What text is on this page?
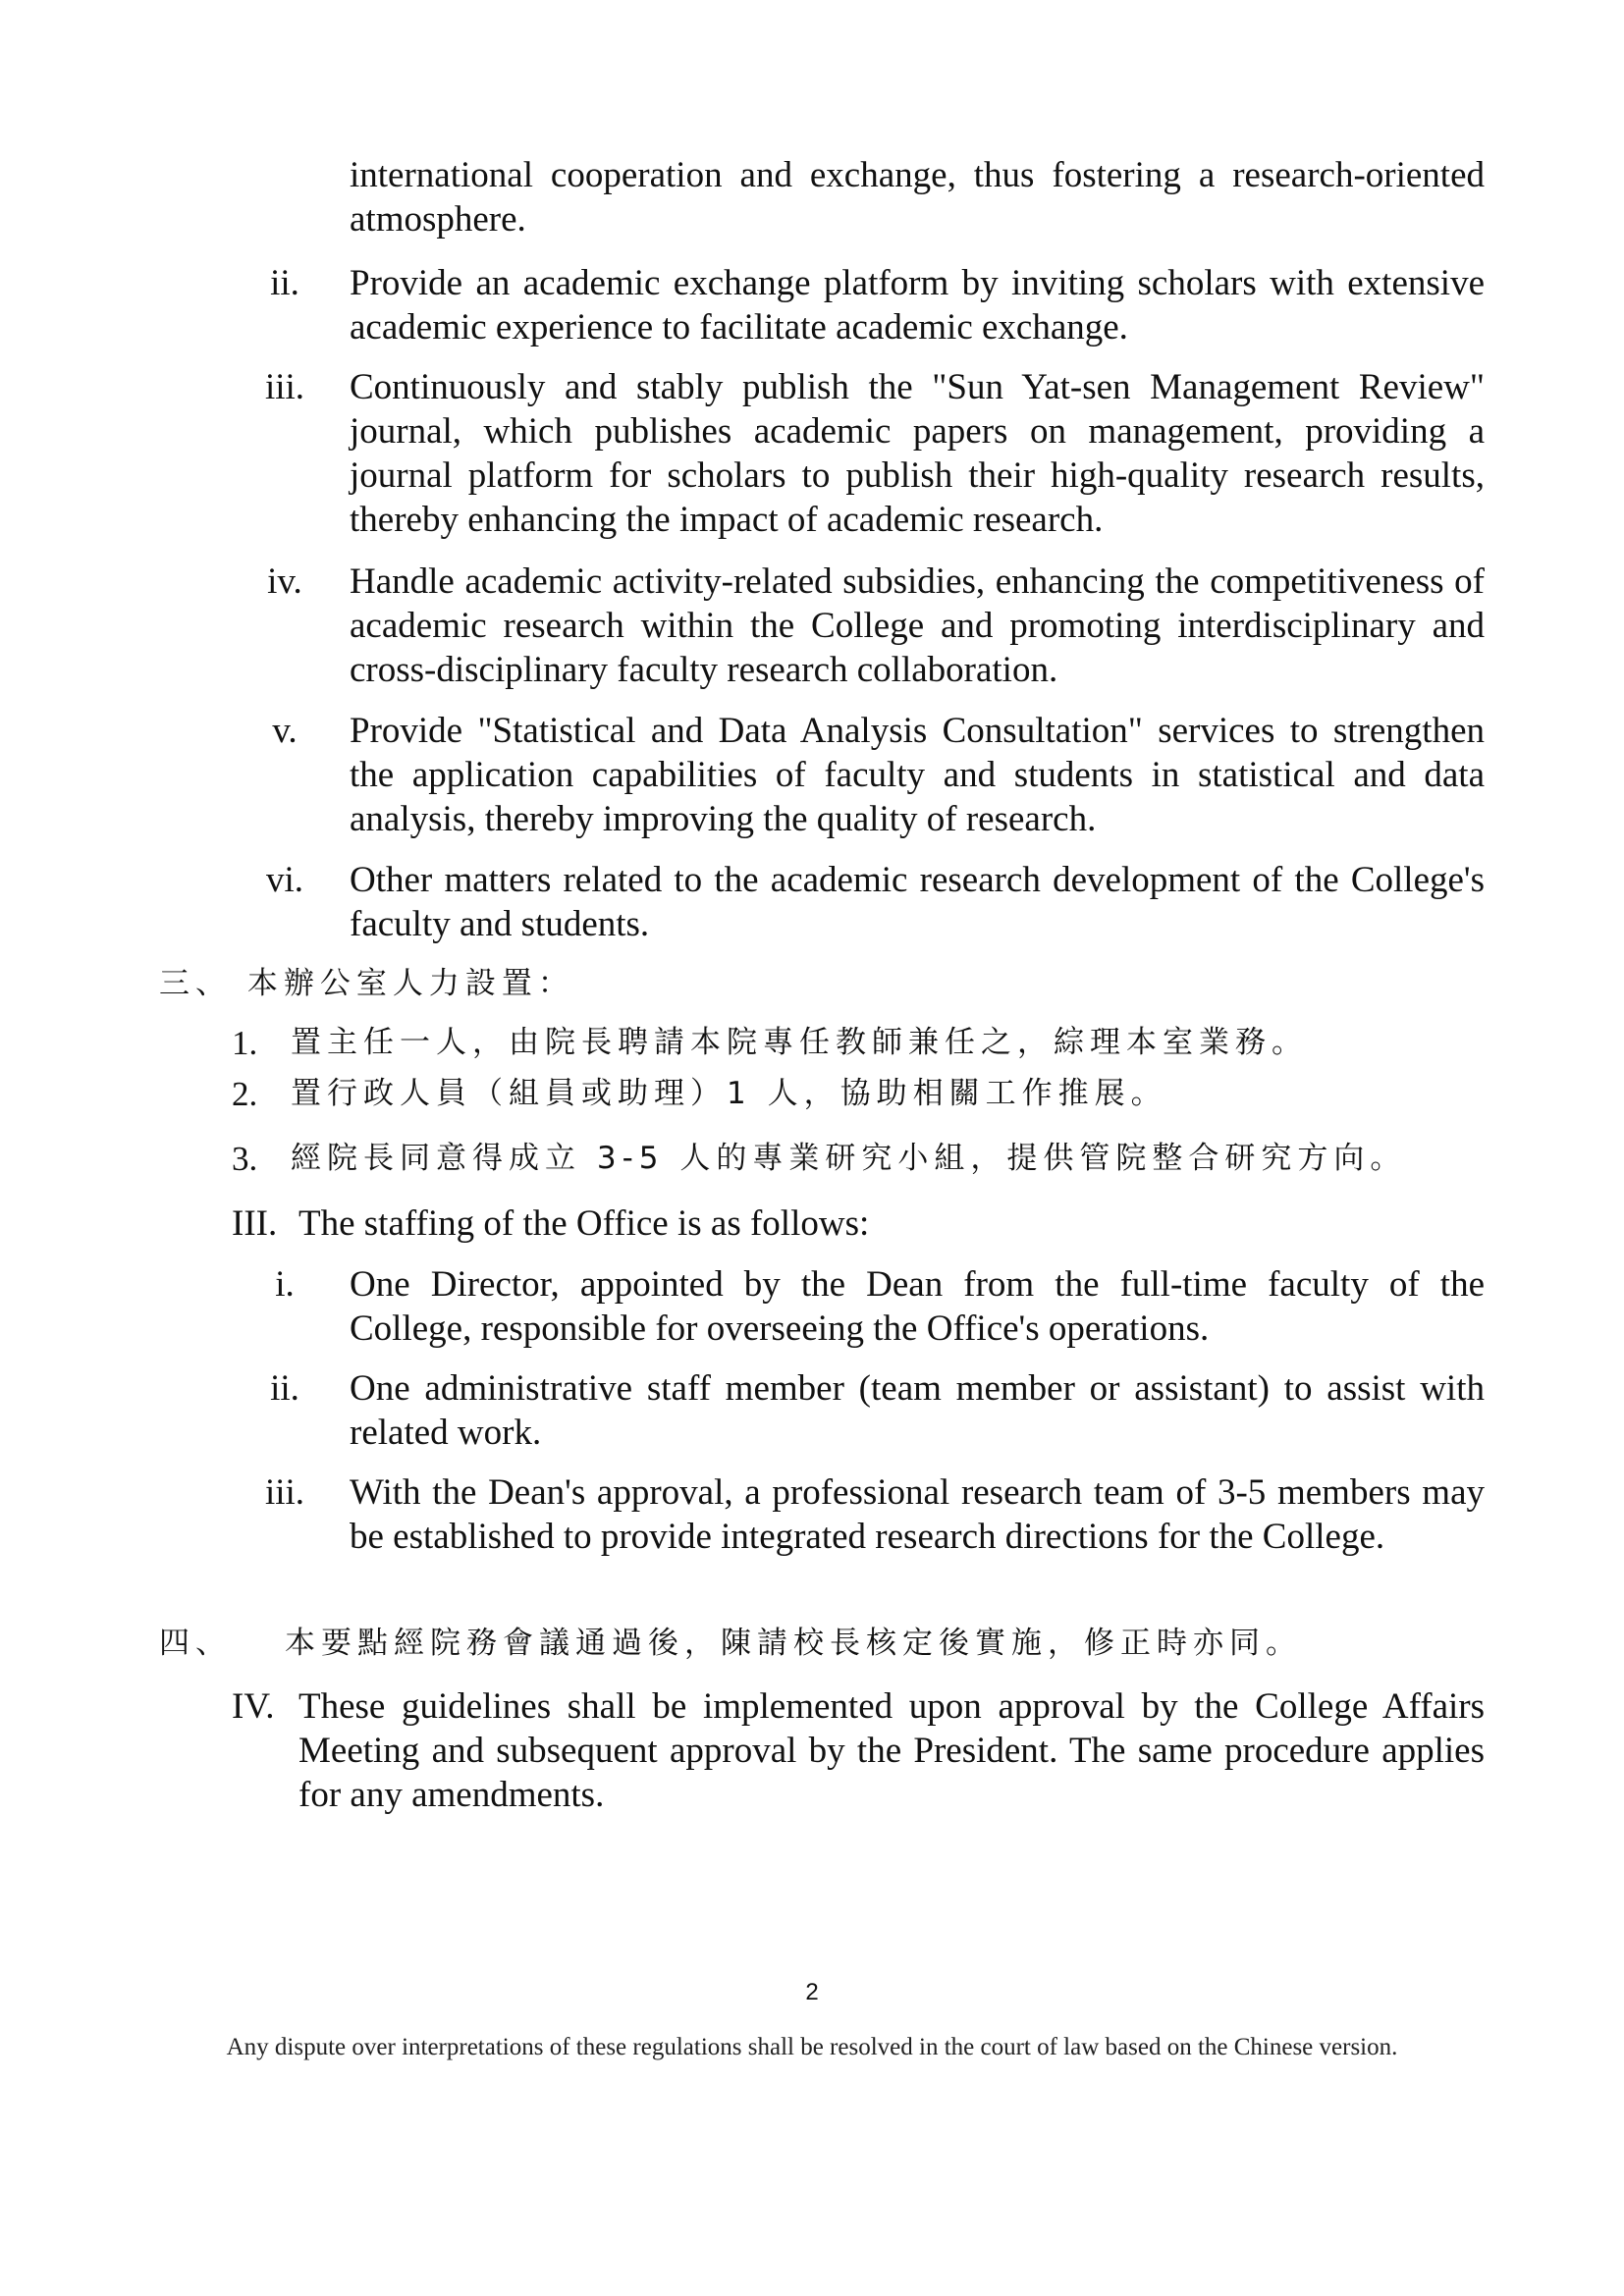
international cooperation and exchange, thus fostering a research-oriented atmosphere.
ii.	Provide an academic exchange platform by inviting scholars with extensive academic experience to facilitate academic exchange.
iii.	Continuously and stably publish the "Sun Yat-sen Management Review" journal, which publishes academic papers on management, providing a journal platform for scholars to publish their high-quality research results, thereby enhancing the impact of academic research.
iv.	Handle academic activity-related subsidies, enhancing the competitiveness of academic research within the College and promoting interdisciplinary and cross-disciplinary faculty research collaboration.
v.	Provide "Statistical and Data Analysis Consultation" services to strengthen the application capabilities of faculty and students in statistical and data analysis, thereby improving the quality of research.
vi.	Other matters related to the academic research development of the College's faculty and students.
三、 本辦公室人力設置：
1.	置主任一人，由院長聘請本院專任教師兼任之，綜理本室業務。
2.	置行政人員（組員或助理）1 人，協助相關工作推展。
3.	經院長同意得成立 3-5 人的專業研究小組，提供管院整合研究方向。
III. The staffing of the Office is as follows:
i.	One Director, appointed by the Dean from the full-time faculty of the College, responsible for overseeing the Office's operations.
ii.	One administrative staff member (team member or assistant) to assist with related work.
iii.	With the Dean's approval, a professional research team of 3-5 members may be established to provide integrated research directions for the College.
四、 本要點經院務會議通過後，陳請校長核定後實施，修正時亦同。
IV. These guidelines shall be implemented upon approval by the College Affairs Meeting and subsequent approval by the President. The same procedure applies for any amendments.
2
Any dispute over interpretations of these regulations shall be resolved in the court of law based on the Chinese version.
